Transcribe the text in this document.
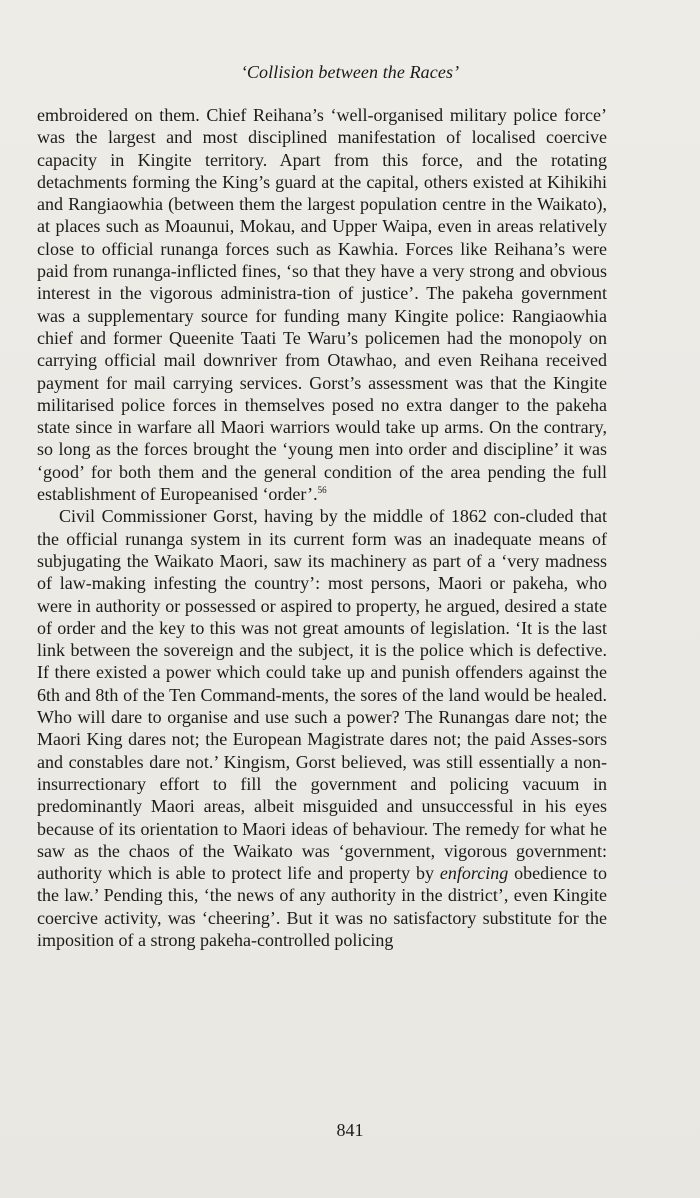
‘Collision between the Races’

embroidered on them. Chief Reihana’s ‘well-organised military police force’ was the largest and most disciplined manifestation of localised coercive capacity in Kingite territory. Apart from this force, and the rotating detachments forming the King’s guard at the capital, others existed at Kihikihi and Rangiaowhia (between them the largest population centre in the Waikato), at places such as Moaunui, Mokau, and Upper Waipa, even in areas relatively close to official runanga forces such as Kawhia. Forces like Reihana’s were paid from runanga-inflicted fines, ‘so that they have a very strong and obvious interest in the vigorous administra-tion of justice’. The pakeha government was a supplementary source for funding many Kingite police: Rangiaowhia chief and former Queenite Taati Te Waru’s policemen had the monopoly on carrying official mail downriver from Otawhao, and even Reihana received payment for mail carrying services. Gorst’s assessment was that the Kingite militarised police forces in themselves posed no extra danger to the pakeha state since in warfare all Maori warriors would take up arms. On the contrary, so long as the forces brought the ‘young men into order and discipline’ it was ‘good’ for both them and the general condition of the area pending the full establishment of Europeanised ‘order’.$^{56}$

Civil Commissioner Gorst, having by the middle of 1862 con-cluded that the official runanga system in its current form was an inadequate means of subjugating the Waikato Maori, saw its machinery as part of a ‘very madness of law-making infesting the country’: most persons, Maori or pakeha, who were in authority or possessed or aspired to property, he argued, desired a state of order and the key to this was not great amounts of legislation. ‘It is the last link between the sovereign and the subject, it is the police which is defective. If there existed a power which could take up and punish offenders against the 6th and 8th of the Ten Command-ments, the sores of the land would be healed. Who will dare to organise and use such a power? The Runangas dare not; the Maori King dares not; the European Magistrate dares not; the paid Asses-sors and constables dare not.’ Kingism, Gorst believed, was still essentially a non-insurrectionary effort to fill the government and policing vacuum in predominantly Maori areas, albeit misguided and unsuccessful in his eyes because of its orientation to Maori ideas of behaviour. The remedy for what he saw as the chaos of the Waikato was ‘government, vigorous government: authority which is able to protect life and property by enforcing obedience to the law.’ Pending this, ‘the news of any authority in the district’, even Kingite coercive activity, was ‘cheering’. But it was no satisfactory substitute for the imposition of a strong pakeha-controlled policing

841
